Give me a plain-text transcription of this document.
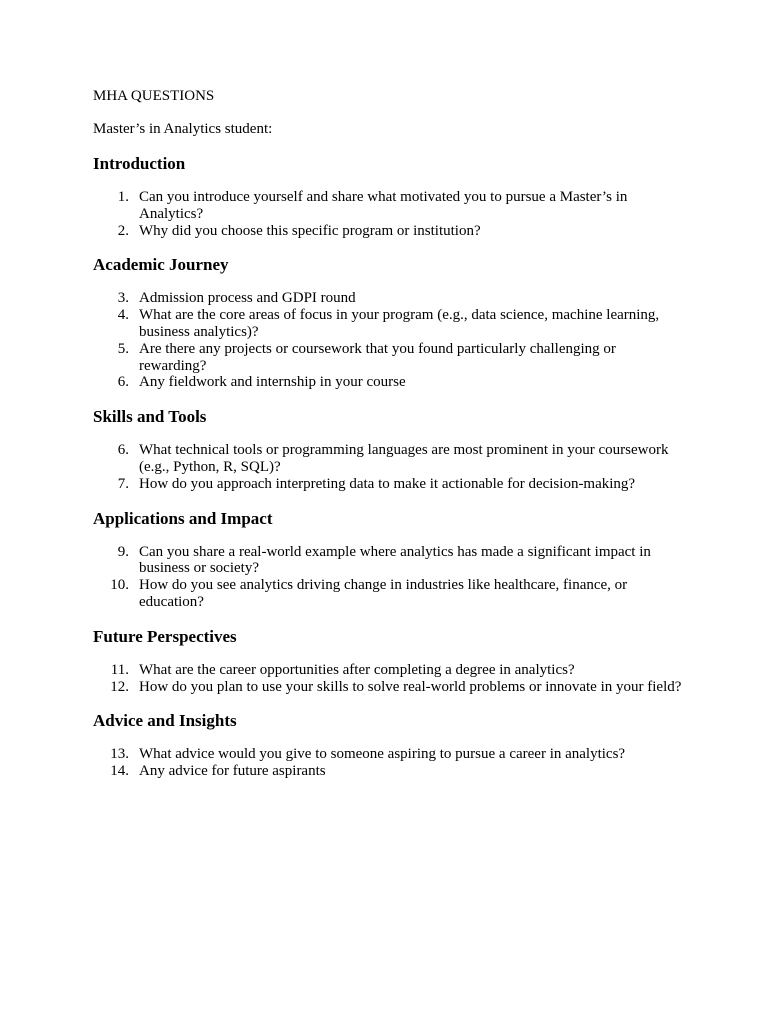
MHA QUESTIONS

Master’s in Analytics student:

Introduction
1. Can you introduce yourself and share what motivated you to pursue a Master’s in Analytics?
2. Why did you choose this specific program or institution?
Academic Journey
3. Admission process and GDPI round
4. What are the core areas of focus in your program (e.g., data science, machine learning, business analytics)?
5. Are there any projects or coursework that you found particularly challenging or rewarding?
6. Any fieldwork and internship in your course
Skills and Tools
6. What technical tools or programming languages are most prominent in your coursework (e.g., Python, R, SQL)?
7. How do you approach interpreting data to make it actionable for decision-making?
Applications and Impact
9. Can you share a real-world example where analytics has made a significant impact in business or society?
10. How do you see analytics driving change in industries like healthcare, finance, or education?
Future Perspectives
11. What are the career opportunities after completing a degree in analytics?
12. How do you plan to use your skills to solve real-world problems or innovate in your field?
Advice and Insights
13. What advice would you give to someone aspiring to pursue a career in analytics?
14. Any advice for future aspirants
